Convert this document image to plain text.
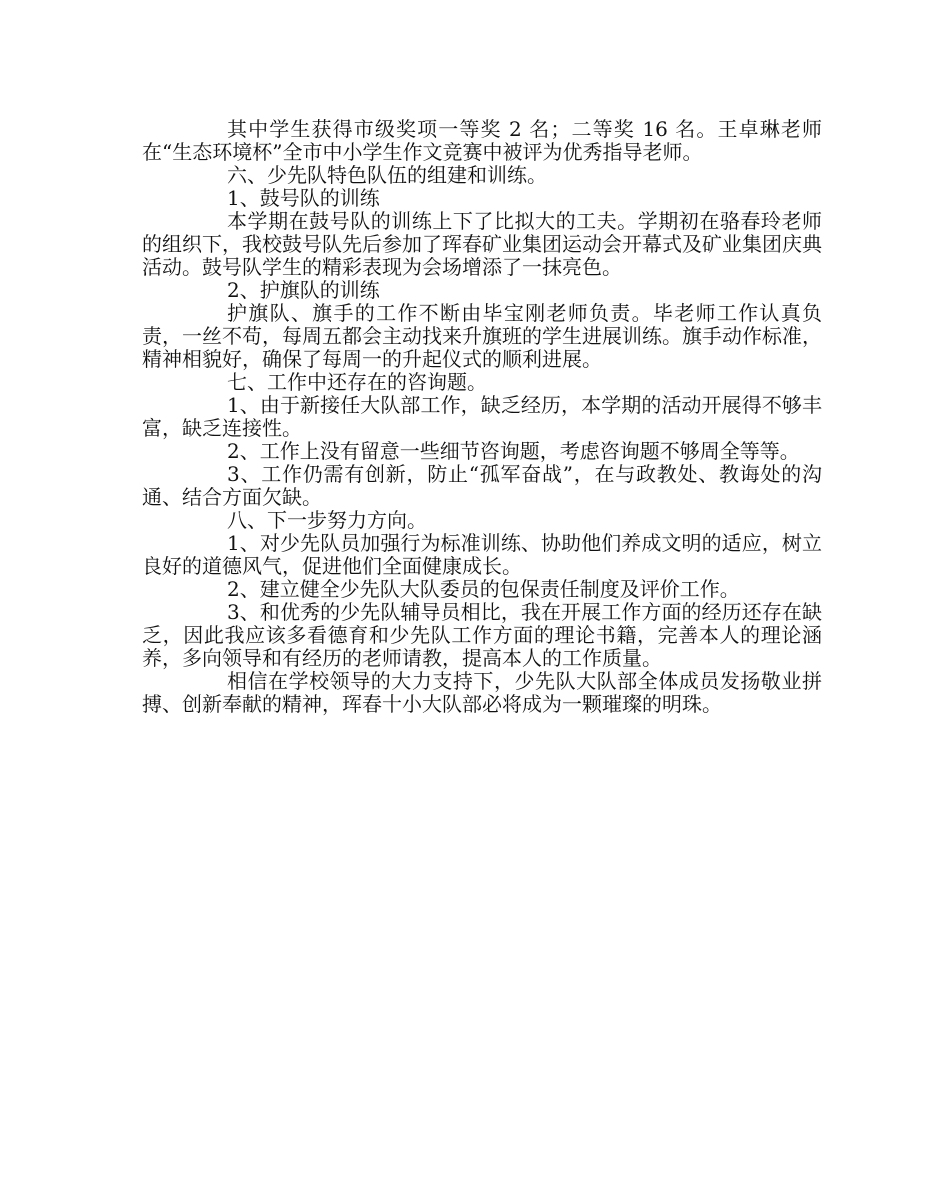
其中学生获得市级奖项一等奖 2 名；二等奖 16 名。王卓琳老师在“生态环境杯”全市中小学生作文竞赛中被评为优秀指导老师。

六、少先队特色队伍的组建和训练。

1、鼓号队的训练

本学期在鼓号队的训练上下了比拟大的工夫。学期初在骆春玲老师的组织下，我校鼓号队先后参加了珲春矿业集团运动会开幕式及矿业集团庆典活动。鼓号队学生的精彩表现为会场增添了一抹亮色。

2、护旗队的训练

护旗队、旗手的工作不断由毕宝刚老师负责。毕老师工作认真负责，一丝不苟，每周五都会主动找来升旗班的学生进展训练。旗手动作标准，精神相貌好，确保了每周一的升起仪式的顺利进展。

七、工作中还存在的咨询题。

1、由于新接任大队部工作，缺乏经历，本学期的活动开展得不够丰富，缺乏连接性。

2、工作上没有留意一些细节咨询题，考虑咨询题不够周全等等。

3、工作仍需有创新，防止“孤军奋战”，在与政教处、教诲处的沟通、结合方面欠缺。

八、下一步努力方向。

1、对少先队员加强行为标准训练、协助他们养成文明的适应，树立良好的道德风气，促进他们全面健康成长。

2、建立健全少先队大队委员的包保责任制度及评价工作。

3、和优秀的少先队辅导员相比，我在开展工作方面的经历还存在缺乏，因此我应该多看德育和少先队工作方面的理论书籍，完善本人的理论涵养，多向领导和有经历的老师请教，提高本人的工作质量。

相信在学校领导的大力支持下，少先队大队部全体成员发扬敬业拼搏、创新奉献的精神，珲春十小大队部必将成为一颗璀璨的明珠。
